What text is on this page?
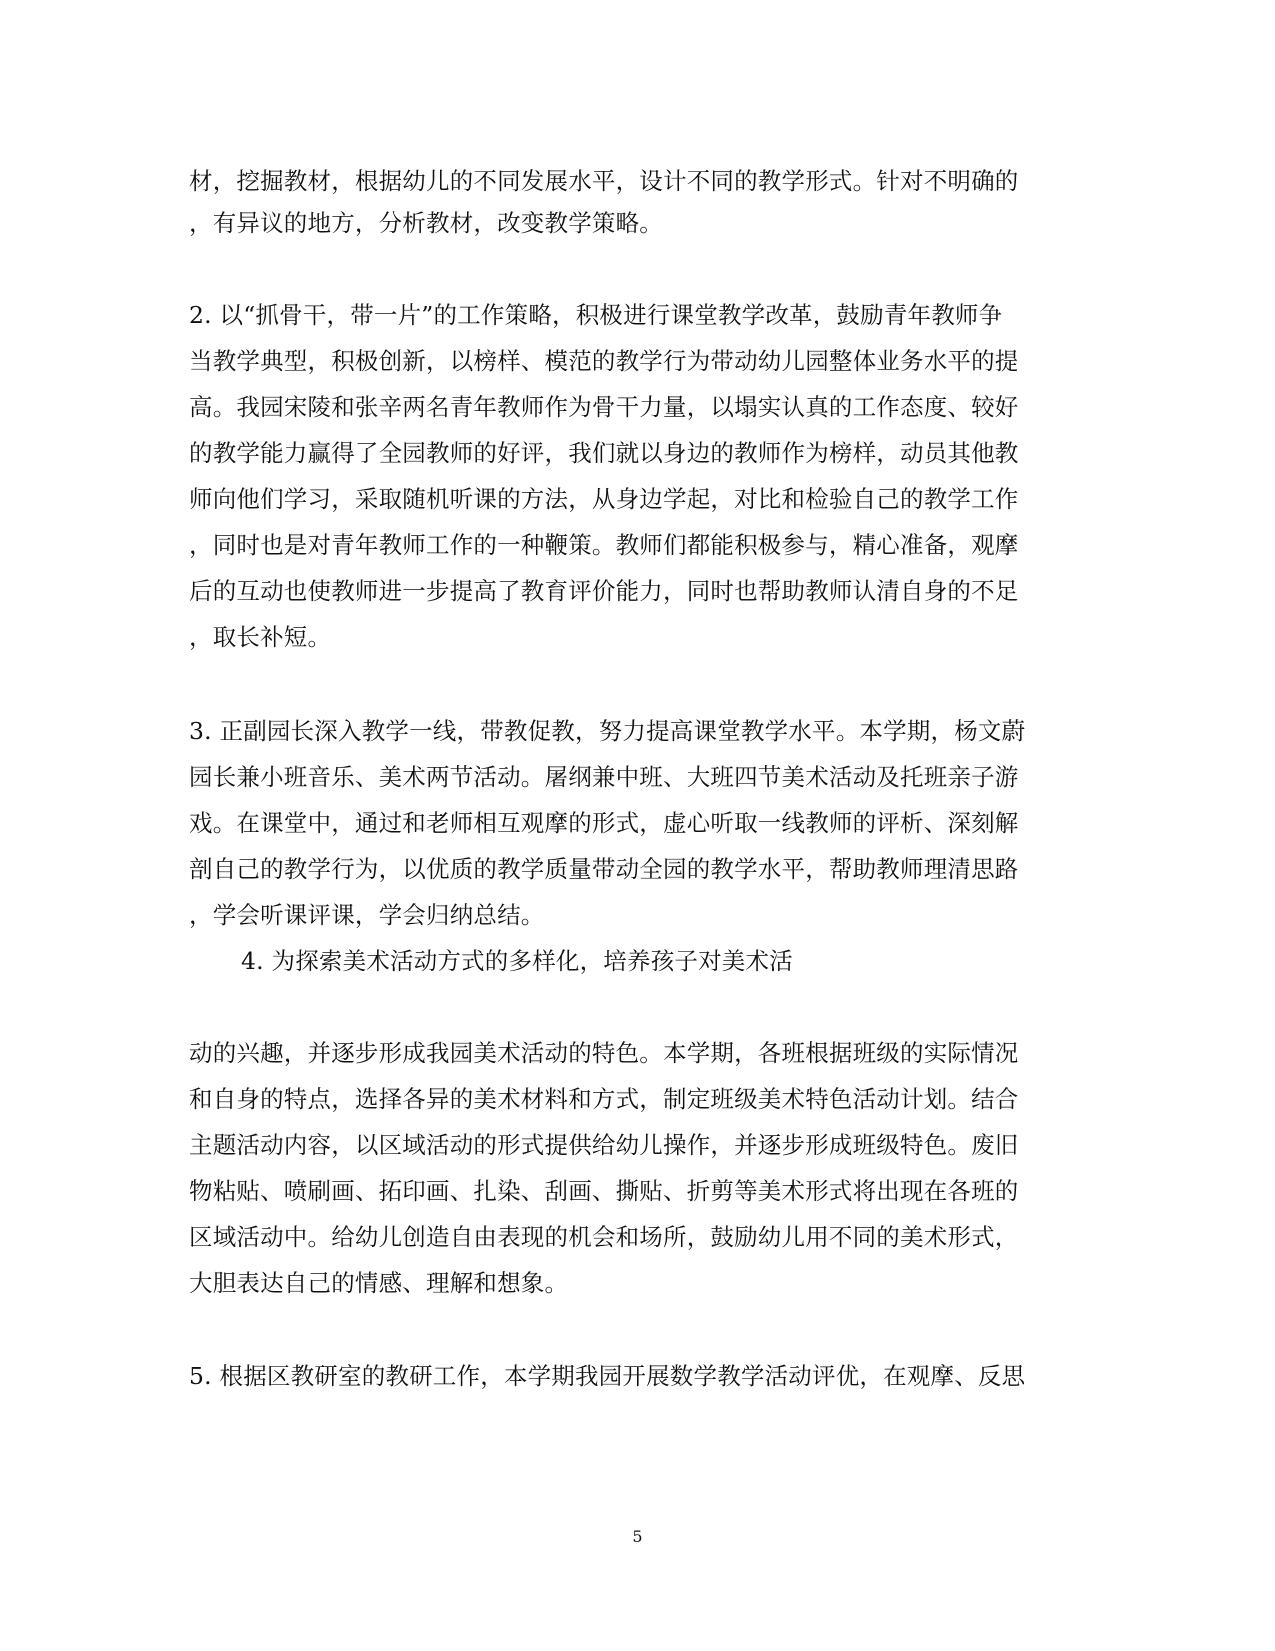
材，挖掘教材，根据幼儿的不同发展水平，设计不同的教学形式。针对不明确的
，有异议的地方，分析教材，改变教学策略。
2. 以“抓骨干，带一片”的工作策略，积极进行课堂教学改革，鼓励青年教师争
当教学典型，积极创新，以榜样、模范的教学行为带动幼儿园整体业务水平的提
高。我园宋陵和张辛两名青年教师作为骨干力量，以塌实认真的工作态度、较好
的教学能力赢得了全园教师的好评，我们就以身边的教师作为榜样，动员其他教
师向他们学习，采取随机听课的方法，从身边学起，对比和检验自己的教学工作
，同时也是对青年教师工作的一种鞭策。教师们都能积极参与，精心准备，观摩
后的互动也使教师进一步提高了教育评价能力，同时也帮助教师认清自身的不足
，取长补短。
3. 正副园长深入教学一线，带教促教，努力提高课堂教学水平。本学期，杨文蔚
园长兼小班音乐、美术两节活动。屠纲兼中班、大班四节美术活动及托班亲子游
戏。在课堂中，通过和老师相互观摩的形式，虚心听取一线教师的评析、深刻解
剖自己的教学行为，以优质的教学质量带动全园的教学水平，帮助教师理清思路
，学会听课评课，学会归纳总结。
4. 为探索美术活动方式的多样化，培养孩子对美术活
动的兴趣，并逐步形成我园美术活动的特色。本学期，各班根据班级的实际情况
和自身的特点，选择各异的美术材料和方式，制定班级美术特色活动计划。结合
主题活动内容，以区域活动的形式提供给幼儿操作，并逐步形成班级特色。废旧
物粘贴、喷刷画、拓印画、扎染、刮画、撕贴、折剪等美术形式将出现在各班的
区域活动中。给幼儿创造自由表现的机会和场所，鼓励幼儿用不同的美术形式，
大胆表达自己的情感、理解和想象。
5. 根据区教研室的教研工作，本学期我园开展数学教学活动评优，在观摩、反思
5
